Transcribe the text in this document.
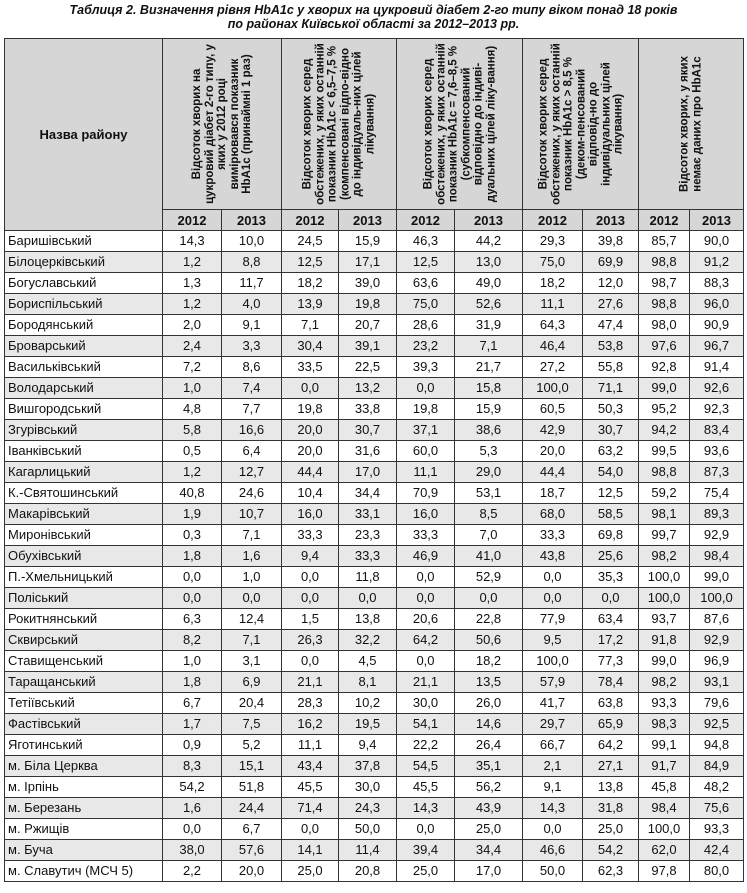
Таблиця 2. Визначення рівня HbA1c у хворих на цукровий діабет 2-го типу віком понад 18 років
по районах Київської області за 2012–2013 рр.
Назва району	Відсоток хворих на цукровий діабет 2-го типу, у яких у 2012 році вимірювався показник HbA1c (принаймні 1 раз)		Відсоток хворих серед обстежених, у яких останній показник HbA1c < 6,5–7,5 % (компенсовані відпо-відно до індивідуаль-них цілей лікування)		Відсоток хворих серед обстежених, у яких останній показник HbA1c = 7,6–8,5 % (субкомпенсований відповідно до індиві-дуальних цілей ліку-вання)		Відсоток хворих серед обстежених, у яких останній показник HbA1c > 8,5 % (деком-пенсований відповід-но до індивідуальних цілей лікування)		Відсоток хворих, у яких немає даних про HbA1c	

	2012	2013	2012	2013	2012	2013	2012	2013	2012	2013
Баришівський	14,3	10,0	24,5	15,9	46,3	44,2	29,3	39,8	85,7	90,0
Білоцерківський	1,2	8,8	12,5	17,1	12,5	13,0	75,0	69,9	98,8	91,2
Богуславський	1,3	11,7	18,2	39,0	63,6	49,0	18,2	12,0	98,7	88,3
Бориспільський	1,2	4,0	13,9	19,8	75,0	52,6	11,1	27,6	98,8	96,0
Бородянський	2,0	9,1	7,1	20,7	28,6	31,9	64,3	47,4	98,0	90,9
Броварський	2,4	3,3	30,4	39,1	23,2	7,1	46,4	53,8	97,6	96,7
Васильківський	7,2	8,6	33,5	22,5	39,3	21,7	27,2	55,8	92,8	91,4
Володарський	1,0	7,4	0,0	13,2	0,0	15,8	100,0	71,1	99,0	92,6
Вишгородський	4,8	7,7	19,8	33,8	19,8	15,9	60,5	50,3	95,2	92,3
Згурівський	5,8	16,6	20,0	30,7	37,1	38,6	42,9	30,7	94,2	83,4
Іванківський	0,5	6,4	20,0	31,6	60,0	5,3	20,0	63,2	99,5	93,6
Кагарлицький	1,2	12,7	44,4	17,0	11,1	29,0	44,4	54,0	98,8	87,3
К.-Святошинський	40,8	24,6	10,4	34,4	70,9	53,1	18,7	12,5	59,2	75,4
Макарівський	1,9	10,7	16,0	33,1	16,0	8,5	68,0	58,5	98,1	89,3
Миронівський	0,3	7,1	33,3	23,3	33,3	7,0	33,3	69,8	99,7	92,9
Обухівський	1,8	1,6	9,4	33,3	46,9	41,0	43,8	25,6	98,2	98,4
П.-Хмельницький	0,0	1,0	0,0	11,8	0,0	52,9	0,0	35,3	100,0	99,0
Поліський	0,0	0,0	0,0	0,0	0,0	0,0	0,0	0,0	100,0	100,0
Рокитнянський	6,3	12,4	1,5	13,8	20,6	22,8	77,9	63,4	93,7	87,6
Сквирський	8,2	7,1	26,3	32,2	64,2	50,6	9,5	17,2	91,8	92,9
Ставищенський	1,0	3,1	0,0	4,5	0,0	18,2	100,0	77,3	99,0	96,9
Таращанський	1,8	6,9	21,1	8,1	21,1	13,5	57,9	78,4	98,2	93,1
Тетіївський	6,7	20,4	28,3	10,2	30,0	26,0	41,7	63,8	93,3	79,6
Фастівський	1,7	7,5	16,2	19,5	54,1	14,6	29,7	65,9	98,3	92,5
Яготинський	0,9	5,2	11,1	9,4	22,2	26,4	66,7	64,2	99,1	94,8
м. Біла Церква	8,3	15,1	43,4	37,8	54,5	35,1	2,1	27,1	91,7	84,9
м. Ірпінь	54,2	51,8	45,5	30,0	45,5	56,2	9,1	13,8	45,8	48,2
м. Березань	1,6	24,4	71,4	24,3	14,3	43,9	14,3	31,8	98,4	75,6
м. Ржищів	0,0	6,7	0,0	50,0	0,0	25,0	0,0	25,0	100,0	93,3
м. Буча	38,0	57,6	14,1	11,4	39,4	34,4	46,6	54,2	62,0	42,4
м. Славутич (МСЧ 5)	2,2	20,0	25,0	20,8	25,0	17,0	50,0	62,3	97,8	80,0
